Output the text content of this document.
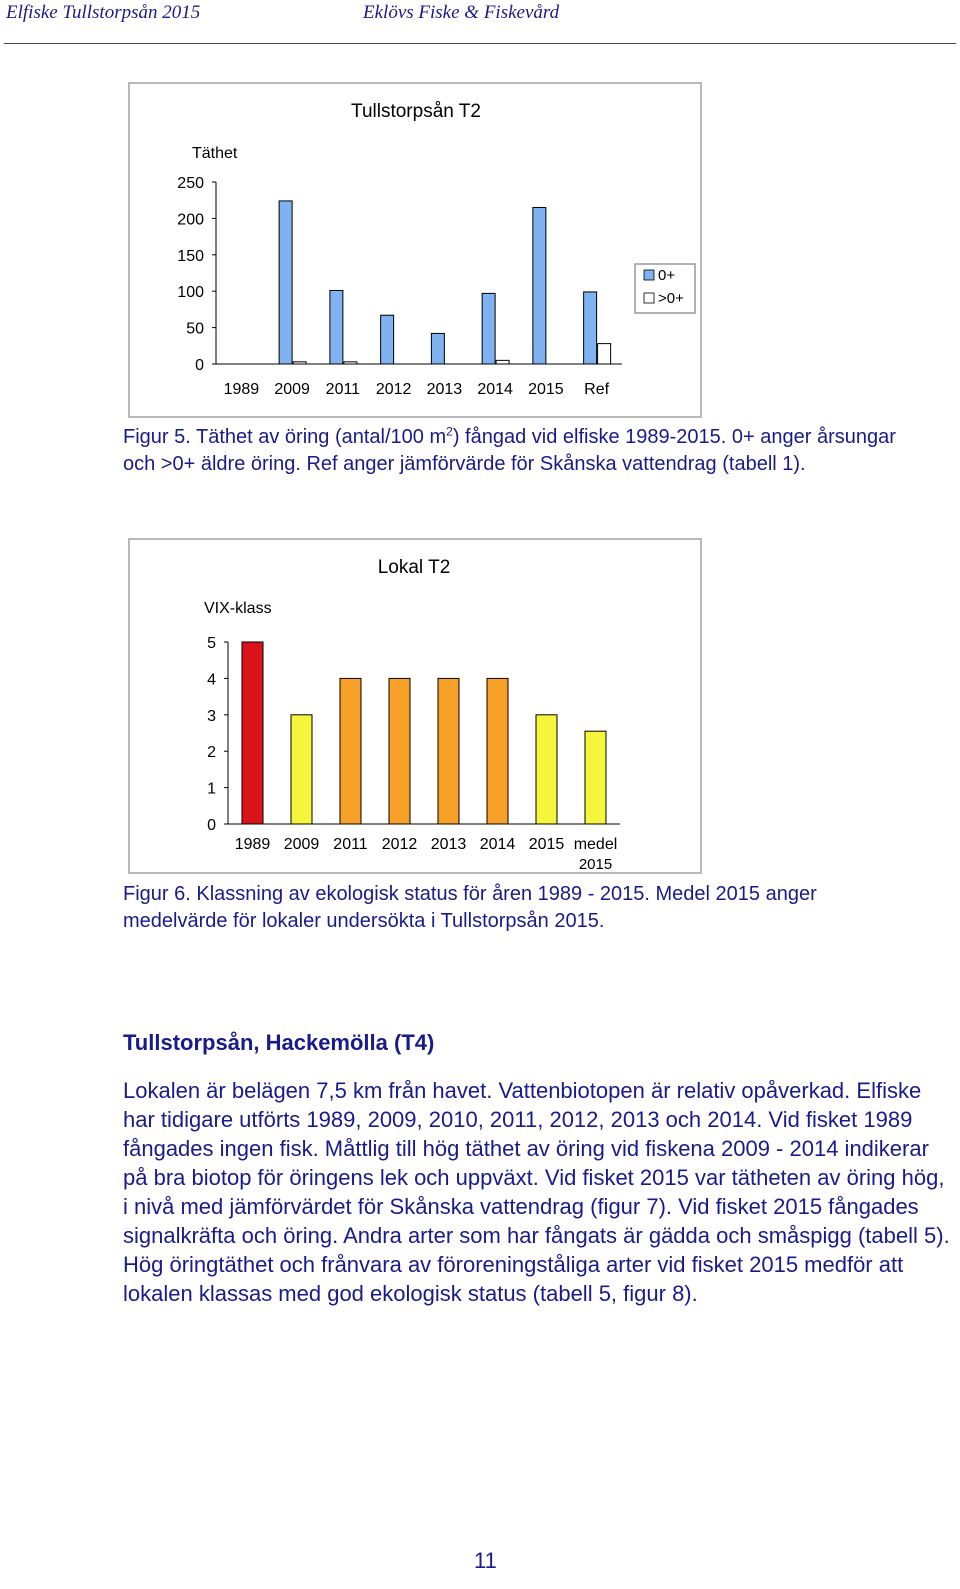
Elfiske Tullstorpsån 2015	Eklövs Fiske & Fiskevård
Tullstorpsån T2
Täthet
0
50
100
150
200
250
1989 2009 2011 2012 2013 2014 2015 Ref
0+
>0+
Figur 5. Täthet av öring (antal/100 $m^2$) fångad vid elfiske 1989-2015. 0+ anger årsungar och >0+ äldre öring. Ref anger jämförvärde för Skånska vattendrag (tabell 1).
Lokal T2
VIX-klass
0
1
2
3
4
5
1989 2009 2011 2012 2013 2014 2015 medel
2015
Figur 6. Klassning av ekologisk status för åren 1989 - 2015. Medel 2015 anger medelvärde för lokaler undersökta i Tullstorpsån 2015.
Tullstorpsån, Hackemölla (T4)
Lokalen är belägen 7,5 km från havet. Vattenbiotopen är relativ opåverkad. Elfiske har tidigare utförts 1989, 2009, 2010, 2011, 2012, 2013 och 2014. Vid fisket 1989 fångades ingen fisk. Måttlig till hög täthet av öring vid fiskena 2009 - 2014 indikerar på bra biotop för öringens lek och uppväxt. Vid fisket 2015 var tätheten av öring hög, i nivå med jämförvärdet för Skånska vattendrag (figur 7). Vid fisket 2015 fångades signalkräfta och öring. Andra arter som har fångats är gädda och småspigg (tabell 5). Hög öringtäthet och frånvara av föroreningståliga arter vid fisket 2015 medför att lokalen klassas med god ekologisk status (tabell 5, figur 8).
11
